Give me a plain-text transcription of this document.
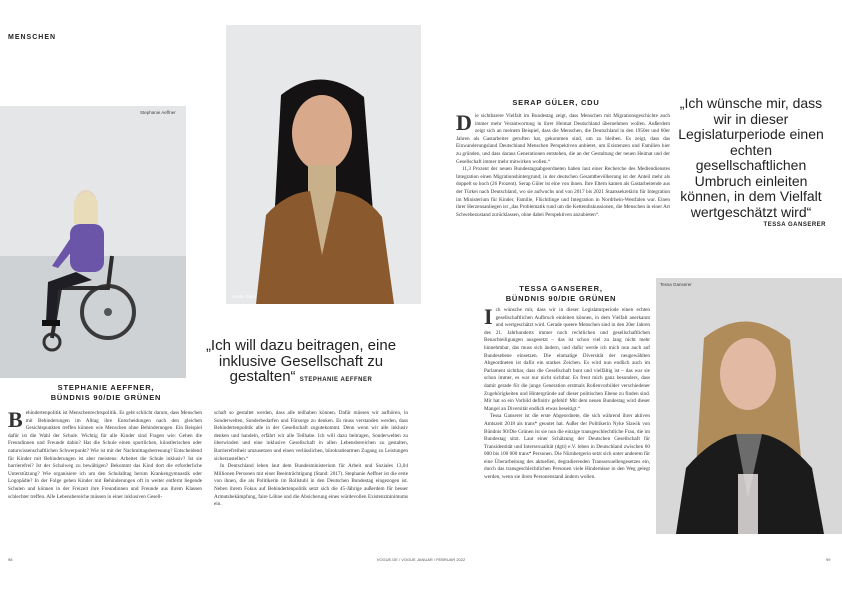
MENSCHEN
Stephanie Aeffner
Serap Güler
„Ich will dazu beitragen, eine inklusive Gesellschaft zu gestalten“ STEPHANIE AEFFNER
STEPHANIE AEFFNER,
BÜNDNIS 90/DIE GRÜNEN
B ehindertenpolitik ist Menschenrechtspolitik. Es geht schlicht darum, dass Menschen mit Behinderungen im Alltag ihre Entscheidungen nach den gleichen Gesichtspunkten treffen können wie Menschen ohne Behinderungen. Ein Beispiel dafür ist die Wahl der Schule. Wichtig für alle Kinder sind Fragen wie: Gehen die Freundinnen und Freunde dahin? Hat die Schule einen sportlichen, künstlerischen oder naturwissenschaftlichen Schwerpunkt? Wie ist mit der Nachmittagsbetreuung? Entscheidend für Kinder mit Behinderungen ist aber meistens: Arbeitet die Schule inklusiv? Ist sie barrierefrei? Ist der Schulweg zu bewältigen? Bekommt das Kind dort die erforderliche Unterstützung? Wie organisiere ich um den Schulalltag herum Krankengymnastik oder Logopädie? In der Folge gehen Kinder mit Behinderungen oft in weiter entfernt liegende Schulen und können in der Freizeit ihre Freundinnen und Freunde aus ihrem Klassen schlechter treffen. Alle Lebensbereiche müssen in einer inklusiven Gesell-

schaft so gestaltet werden, dass alle teilhaben können. Dafür müssen wir aufhören, in Sonderwelten, Sonderbedarfen und Fürsorge zu denken. Es muss verstanden werden, dass Behindertenpolitik alle in der Gesellschaft zugutekommt. Denn wenn wir alle inklusiv denken und handeln, erfährt wir alle Teilhabe. Ich will dazu beitragen, Sonderwelten zu überwinden und eine inklusive Gesellschaft in allen Lebensbereichen zu gestalten, Barrierefreiheit umzusetzen und einen verlässlichen, bürokratiearmen Zugang zu Leistungen sicherzustellen.“

In Deutschland leben laut dem Bundesministerium für Arbeit und Soziales 13,04 Millionen Personen mit einer Beeinträchtigung (Stand: 2017). Stephanie Aeffner ist die erste von ihnen, die als Politikerin im Rollstuhl in den Deutschen Bundestag eingezogen ist. Neben ihrem Fokus auf Behindertenpolitik setzt sich die 45-Jährige außerdem für besser Armutsbekämpfung, faire Löhne und die Absicherung eines würdevollen Existenzminimums ein.

SERAP GÜLER, CDU
D ie sichtbarere Vielfalt im Bundestag zeigt, dass Menschen mit Migrationsgeschichte auch immer mehr Verantwortung in ihrer Heimat Deutschland übernehmen wollen. Außerdem zeigt sich an meinem Beispiel, dass die Menschen, die Deutschland in den 1950er und 60er Jahren als Gastarbeiter geruften hat, gekommen sind, um zu bleiben. Es zeigt, dass das Einwanderungsland Deutschland Menschen Perspektiven anbietet, um Existenzen und Familien hier zu gründen, und dass daraus Generationen entstehen, die an der Gestaltung der neuen Heimat und der Gesellschaft immer mehr mitwirken wollen.“

11,3 Prozent der neuen Bundestagsabgeordneten haben laut einer Recherche des Mediendienstes Integration einen Migrationshintergrund; in der deutschen Gesamtbevölkerung ist der Anteil mehr als doppelt so hoch (26 Prozent). Serap Güler ist eine von ihnen. Ihre Eltern kamen als Gastarbeitende aus der Türkei nach Deutschland, wo sie aufwuchs und von 2017 bis 2021 Staatssekretärin für Integration im Ministerium für Kinder, Familie, Flüchtlinge und Integration in Nordrhein-Westfalen war. Einen ihrer Herzensanliegen ist „das Problematik rund um die Kettendiskussionen, die Menschen in einer Art Schwebezustand zurücklassen, ohne dabei Perspektiven anzubieten“.

„Ich wünsche mir, dass wir in dieser Legislaturperiode einen echten gesellschaftlichen Umbruch einleiten können, in dem Vielfalt wertgeschätzt wird“
TESSA GANSERER
TESSA GANSERER,
BÜNDNIS 90/DIE GRÜNEN
I ch wünsche mir, dass wir in dieser Legislaturperiode einen echten gesellschaftlichen Aufbruch einleiten können, in dem Vielfalt anerkannt und wertgeschätzt wird. Gerade queere Menschen sind in den 20er Jahren des 21. Jahrhunderts immer noch rechtlichen und gesellschaftlichen Benachteiligungen ausgesetzt – das ist schon viel zu lang nicht mehr hinnehmbar, das muss sich ändern, und dafür werde ich mich nun auch auf Bundesebene einsetzen. Die einmalige Diversität der neugewählten Abgeordneten ist dafür ein starkes Zeichen. Es wird nun endlich auch im Parlament sichtbar, dass die Gesellschaft bunt und vielfältig ist – das war sie schon immer, es war nur nicht sichtbar. Es freut mich ganz besonders, dass damit gerade für die junge Generation erstmals Rollenvorbilder verschiedener Zugehörigkeiten und Hintergründe auf dieser politischen Ebene zu finden sind. Mir hat so ein Vorbild definitiv gefehlt! Mit dem neuen Bundestag wird dieser Mangel an Diversität endlich etwas beseitigt.“

Tessa Ganserer ist die erste Abgeordnete, die sich während ihrer aktiven Amtszeit 2018 als trans* geoutet hat. Außer der Politikerin Nyke Slawik von Bündnis 90/Die Grünen ist sie nun die einzige transgeschlechtliche Frau, die im Bundestag sitzt. Laut einer Schätzung der Deutschen Gesellschaft für Transidentität und Intersexualität (dgti) e.V. leben in Deutschland zwischen 60 000 bis 100 000 trans* Personen. Die Nürnbergerin setzt sich unter anderem für eine Überarbeitung des aktuellen, degradierenden Transsexuellengesetzes ein, durch das transgeschlechtlichen Personen viele Hindernisse in den Weg gelegt werden, wenn sie ihren Personenstand ändern wollen.

Tessa Ganserer
98	VOGUE.DE / VOGUE JANUAR / FEBRUAR 2022	99
